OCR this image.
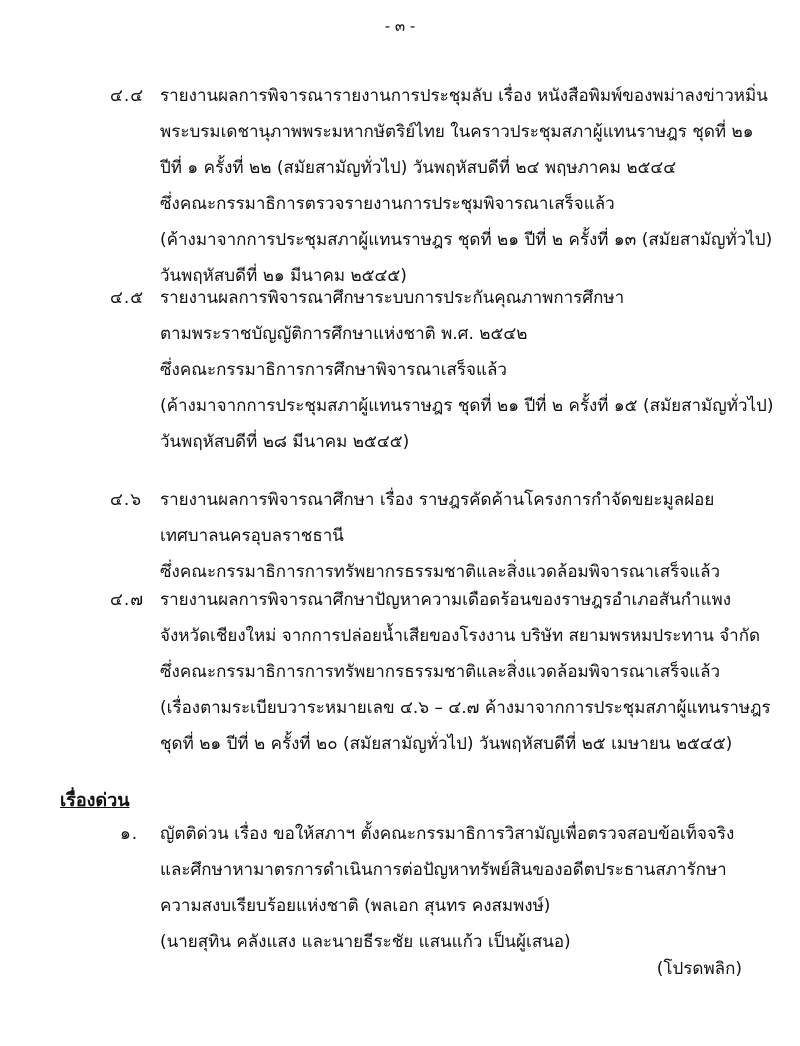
- ๓ -
๔.๔ รายงานผลการพิจารณารายงานการประชุมลับ เรื่อง หนังสือพิมพ์ของพม่าลงข่าวหมิ่น
พระบรมเดชานุภาพพระมหากษัตริย์ไทย ในคราวประชุมสภาผู้แทนราษฎร ชุดที่ ๒๑
ปีที่ ๑ ครั้งที่ ๒๒ (สมัยสามัญทั่วไป) วันพฤหัสบดีที่ ๒๔ พฤษภาคม ๒๕๔๔
ซึ่งคณะกรรมาธิการตรวจรายงานการประชุมพิจารณาเสร็จแล้ว
(ค้างมาจากการประชุมสภาผู้แทนราษฎร ชุดที่ ๒๑ ปีที่ ๒ ครั้งที่ ๑๓ (สมัยสามัญทั่วไป)
วันพฤหัสบดีที่ ๒๑ มีนาคม ๒๕๔๕)
๔.๕ รายงานผลการพิจารณาศึกษาระบบการประกันคุณภาพการศึกษา
ตามพระราชบัญญัติการศึกษาแห่งชาติ พ.ศ. ๒๕๔๒
ซึ่งคณะกรรมาธิการการศึกษาพิจารณาเสร็จแล้ว
(ค้างมาจากการประชุมสภาผู้แทนราษฎร ชุดที่ ๒๑ ปีที่ ๒ ครั้งที่ ๑๕ (สมัยสามัญทั่วไป)
วันพฤหัสบดีที่ ๒๘ มีนาคม ๒๕๔๕)
๔.๖ รายงานผลการพิจารณาศึกษา เรื่อง ราษฎรคัดค้านโครงการกำจัดขยะมูลฝอย
เทศบาลนครอุบลราชธานี
ซึ่งคณะกรรมาธิการการทรัพยากรธรรมชาติและสิ่งแวดล้อมพิจารณาเสร็จแล้ว
๔.๗ รายงานผลการพิจารณาศึกษาปัญหาความเดือดร้อนของราษฎรอำเภอสันกำแพง
จังหวัดเชียงใหม่ จากการปล่อยน้ำเสียของโรงงาน บริษัท สยามพรหมประทาน จำกัด
ซึ่งคณะกรรมาธิการการทรัพยากรธรรมชาติและสิ่งแวดล้อมพิจารณาเสร็จแล้ว
(เรื่องตามระเบียบวาระหมายเลข ๔.๖ – ๔.๗ ค้างมาจากการประชุมสภาผู้แทนราษฎร
ชุดที่ ๒๑ ปีที่ ๒ ครั้งที่ ๒๐ (สมัยสามัญทั่วไป) วันพฤหัสบดีที่ ๒๕ เมษายน ๒๕๔๕)
เรื่องด่วน
๑. ญัตติด่วน เรื่อง ขอให้สภาฯ ตั้งคณะกรรมาธิการวิสามัญเพื่อตรวจสอบข้อเท็จจริง
และศึกษาหามาตรการดำเนินการต่อปัญหาทรัพย์สินของอดีตประธานสภารักษา
ความสงบเรียบร้อยแห่งชาติ (พลเอก สุนทร คงสมพงษ์)
(นายสุทิน คลังแสง และนายธีระชัย แสนแก้ว เป็นผู้เสนอ)
(โปรดพลิก)
